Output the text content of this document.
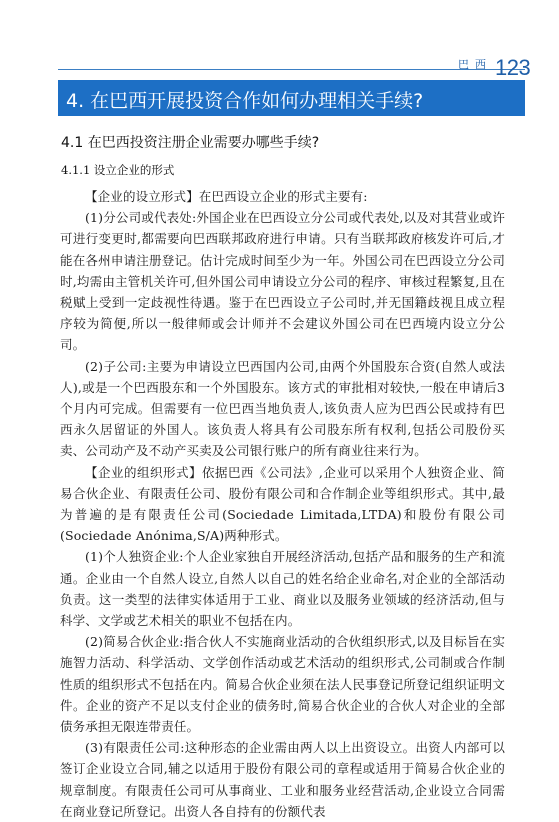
巴西 123
4. 在巴西开展投资合作如何办理相关手续?
4.1 在巴西投资注册企业需要办哪些手续?
4.1.1 设立企业的形式

【企业的设立形式】在巴西设立企业的形式主要有:

(1)分公司或代表处:外国企业在巴西设立分公司或代表处,以及对其营业或许可进行变更时,都需要向巴西联邦政府进行申请。只有当联邦政府核发许可后,才能在各州申请注册登记。估计完成时间至少为一年。外国公司在巴西设立分公司时,均需由主管机关许可,但外国公司申请设立分公司的程序、审核过程繁复,且在税赋上受到一定歧视性待遇。鉴于在巴西设立子公司时,并无国籍歧视且成立程序较为简便,所以一般律师或会计师并不会建议外国公司在巴西境内设立分公司。

(2)子公司:主要为申请设立巴西国内公司,由两个外国股东合资(自然人或法人),或是一个巴西股东和一个外国股东。该方式的审批相对较快,一般在申请后3个月内可完成。但需要有一位巴西当地负责人,该负责人应为巴西公民或持有巴西永久居留证的外国人。该负责人将具有公司股东所有权利,包括公司股份买卖、公司动产及不动产买卖及公司银行账户的所有商业往来行为。

【企业的组织形式】依据巴西《公司法》,企业可以采用个人独资企业、简易合伙企业、有限责任公司、股份有限公司和合作制企业等组织形式。其中,最为普遍的是有限责任公司(Sociedade Limitada,LTDA)和股份有限公司(Sociedade Anónima,S/A)两种形式。

(1)个人独资企业:个人企业家独自开展经济活动,包括产品和服务的生产和流通。企业由一个自然人设立,自然人以自己的姓名给企业命名,对企业的全部活动负责。这一类型的法律实体适用于工业、商业以及服务业领域的经济活动,但与科学、文学或艺术相关的职业不包括在内。

(2)简易合伙企业:指合伙人不实施商业活动的合伙组织形式,以及目标旨在实施智力活动、科学活动、文学创作活动或艺术活动的组织形式,公司制或合作制性质的组织形式不包括在内。简易合伙企业须在法人民事登记所登记组织证明文件。企业的资产不足以支付企业的债务时,简易合伙企业的合伙人对企业的全部债务承担无限连带责任。

(3)有限责任公司:这种形态的企业需由两人以上出资设立。出资人内部可以签订企业设立合同,辅之以适用于股份有限公司的章程或适用于简易合伙企业的规章制度。有限责任公司可从事商业、工业和服务业经营活动,企业设立合同需在商业登记所登记。出资人各自持有的份额代表
